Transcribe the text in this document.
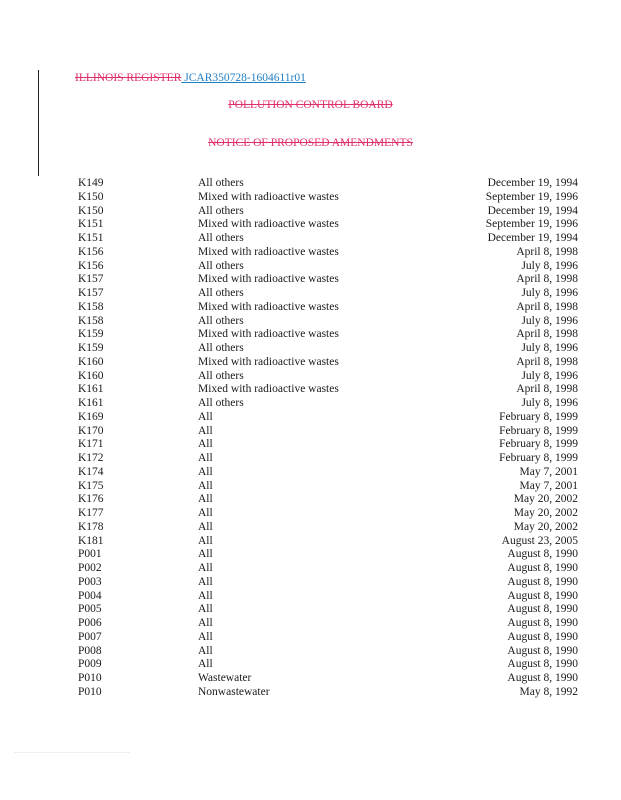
ILLINOIS REGISTER JCAR350728-1604611r01
POLLUTION CONTROL BOARD
NOTICE OF PROPOSED AMENDMENTS
K149	All others	December 19, 1994
K150	Mixed with radioactive wastes	September 19, 1996
K150	All others	December 19, 1994
K151	Mixed with radioactive wastes	September 19, 1996
K151	All others	December 19, 1994
K156	Mixed with radioactive wastes	April 8, 1998
K156	All others	July 8, 1996
K157	Mixed with radioactive wastes	April 8, 1998
K157	All others	July 8, 1996
K158	Mixed with radioactive wastes	April 8, 1998
K158	All others	July 8, 1996
K159	Mixed with radioactive wastes	April 8, 1998
K159	All others	July 8, 1996
K160	Mixed with radioactive wastes	April 8, 1998
K160	All others	July 8, 1996
K161	Mixed with radioactive wastes	April 8, 1998
K161	All others	July 8, 1996
K169	All	February 8, 1999
K170	All	February 8, 1999
K171	All	February 8, 1999
K172	All	February 8, 1999
K174	All	May 7, 2001
K175	All	May 7, 2001
K176	All	May 20, 2002
K177	All	May 20, 2002
K178	All	May 20, 2002
K181	All	August 23, 2005
P001	All	August 8, 1990
P002	All	August 8, 1990
P003	All	August 8, 1990
P004	All	August 8, 1990
P005	All	August 8, 1990
P006	All	August 8, 1990
P007	All	August 8, 1990
P008	All	August 8, 1990
P009	All	August 8, 1990
P010	Wastewater	August 8, 1990
P010	Nonwastewater	May 8, 1992
